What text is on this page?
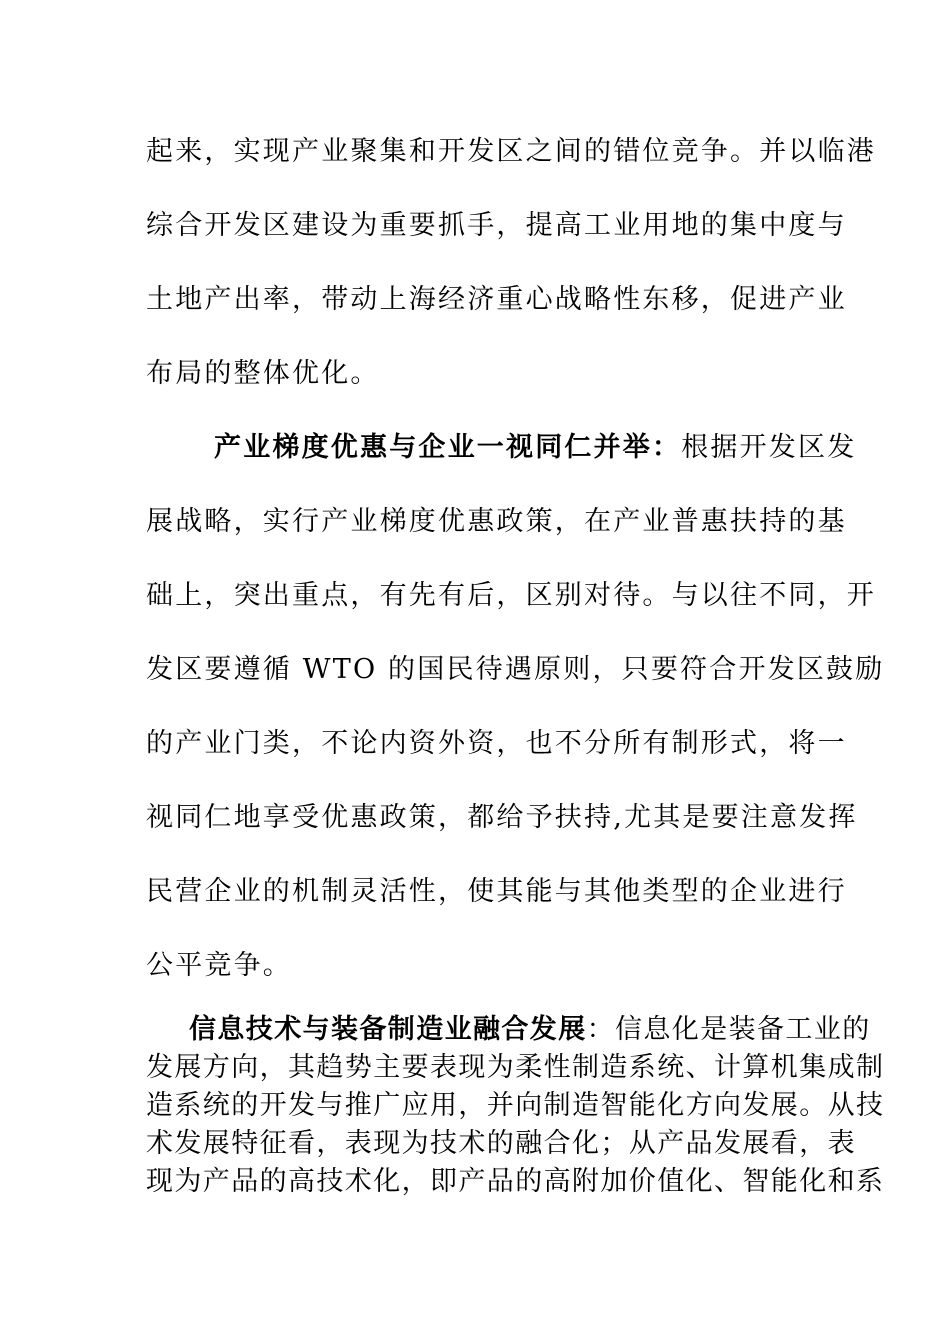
起来，实现产业聚集和开发区之间的错位竞争。并以临港
综合开发区建设为重要抓手，提高工业用地的集中度与
土地产出率，带动上海经济重心战略性东移，促进产业
布局的整体优化。
产业梯度优惠与企业一视同仁并举：根据开发区发
展战略，实行产业梯度优惠政策，在产业普惠扶持的基
础上，突出重点，有先有后，区别对待。与以往不同，开
发区要遵循 WTO 的国民待遇原则，只要符合开发区鼓励
的产业门类，不论内资外资，也不分所有制形式，将一
视同仁地享受优惠政策，都给予扶持,尤其是要注意发挥
民营企业的机制灵活性，使其能与其他类型的企业进行
公平竞争。
信息技术与装备制造业融合发展：信息化是装备工业的
发展方向，其趋势主要表现为柔性制造系统、计算机集成制
造系统的开发与推广应用，并向制造智能化方向发展。从技
术发展特征看，表现为技术的融合化；从产品发展看，表
现为产品的高技术化，即产品的高附加价值化、智能化和系
